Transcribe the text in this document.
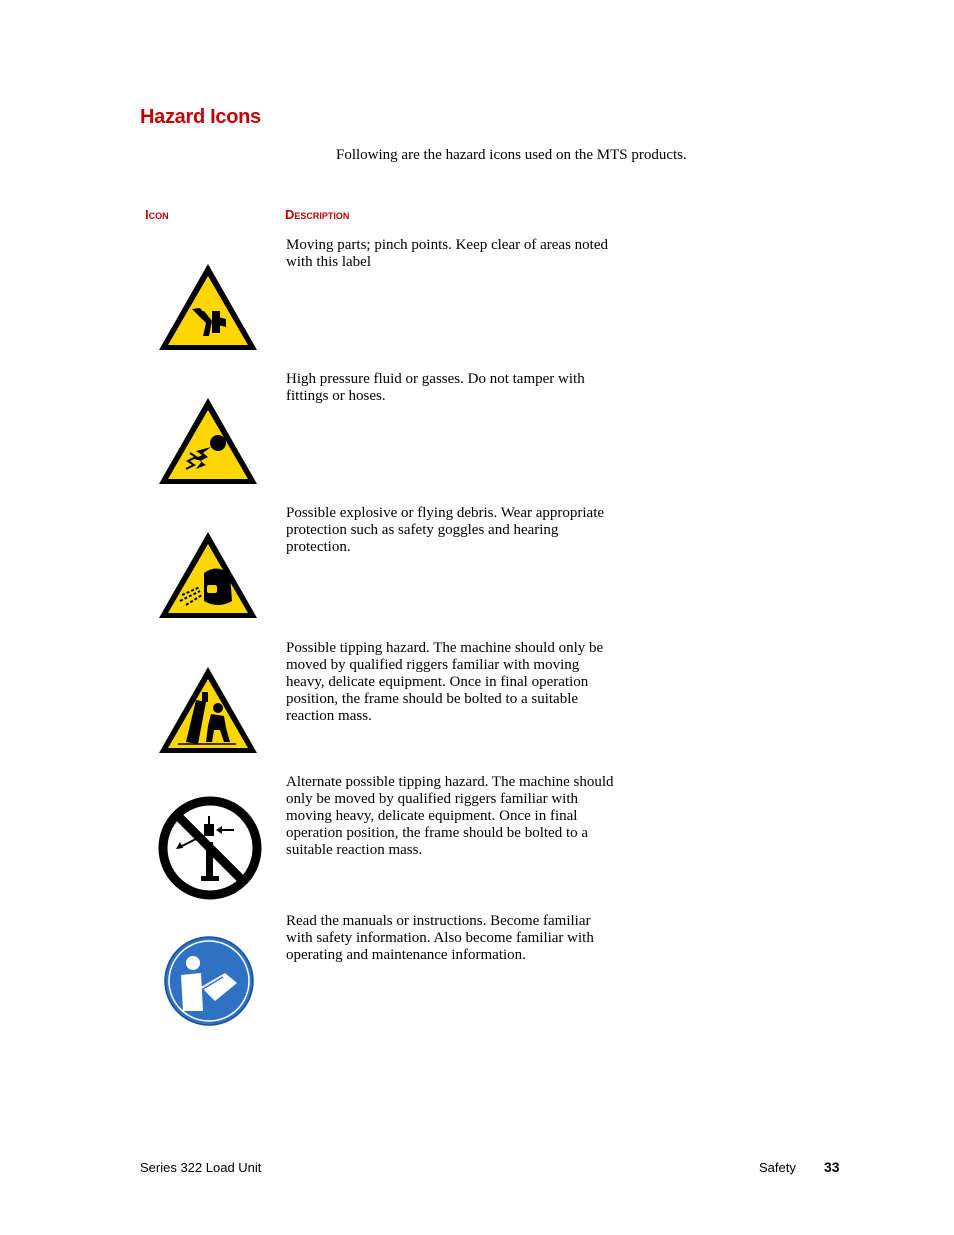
Hazard Icons

Following are the hazard icons used on the MTS products.

Icon	Description

Moving parts; pinch points. Keep clear of areas noted with this label

High pressure fluid or gasses. Do not tamper with fittings or hoses.

Possible explosive or flying debris. Wear appropriate protection such as safety goggles and hearing protection.

Possible tipping hazard. The machine should only be moved by qualified riggers familiar with moving heavy, delicate equipment. Once in final operation position, the frame should be bolted to a suitable reaction mass.

Alternate possible tipping hazard. The machine should only be moved by qualified riggers familiar with moving heavy, delicate equipment. Once in final operation position, the frame should be bolted to a suitable reaction mass.

Read the manuals or instructions. Become familiar with safety information. Also become familiar with operating and maintenance information.

Series 322 Load Unit	Safety 33
